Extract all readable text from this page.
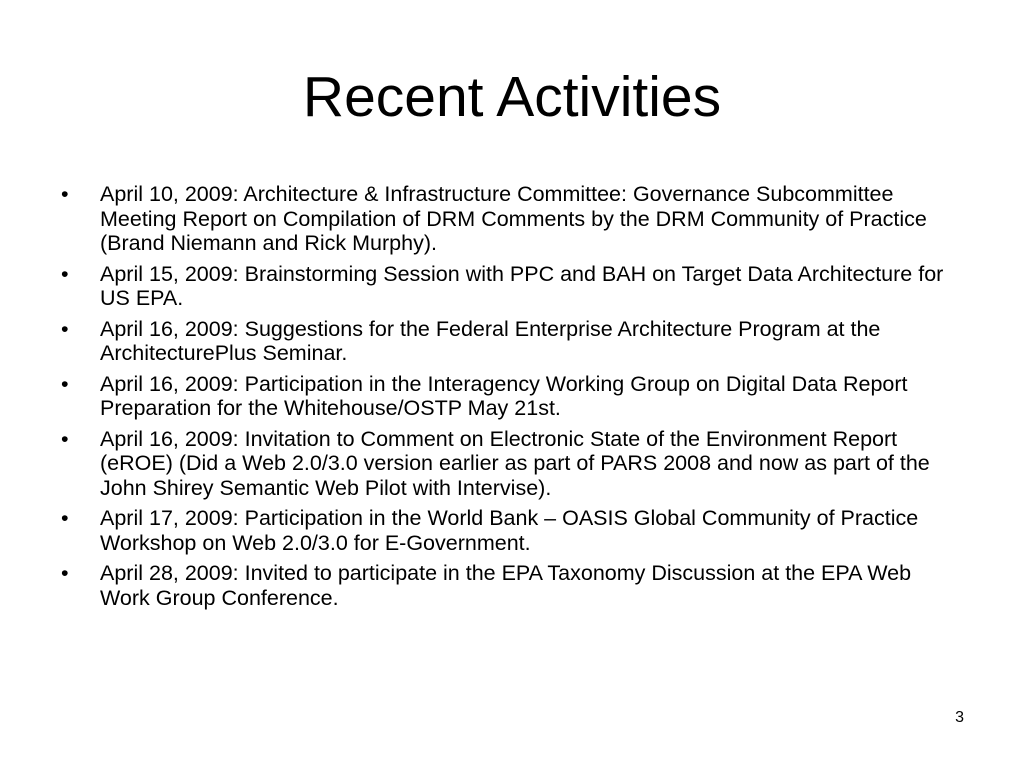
Recent Activities
•	April 10, 2009: Architecture & Infrastructure Committee: Governance Subcommittee Meeting Report on Compilation of DRM Comments by the DRM Community of Practice (Brand Niemann and Rick Murphy).
•	April 15, 2009: Brainstorming Session with PPC and BAH on Target Data Architecture for US EPA.
•	April 16, 2009: Suggestions for the Federal Enterprise Architecture Program at the ArchitecturePlus Seminar.
•	April 16, 2009: Participation in the Interagency Working Group on Digital Data Report Preparation for the Whitehouse/OSTP May 21st.
•	April 16, 2009: Invitation to Comment on Electronic State of the Environment Report (eROE) (Did a Web 2.0/3.0 version earlier as part of PARS 2008 and now as part of the John Shirey Semantic Web Pilot with Intervise).
•	April 17, 2009: Participation in the World Bank – OASIS Global Community of Practice Workshop on Web 2.0/3.0 for E-Government.
•	April 28, 2009: Invited to participate in the EPA Taxonomy Discussion at the EPA Web Work Group Conference.
3
